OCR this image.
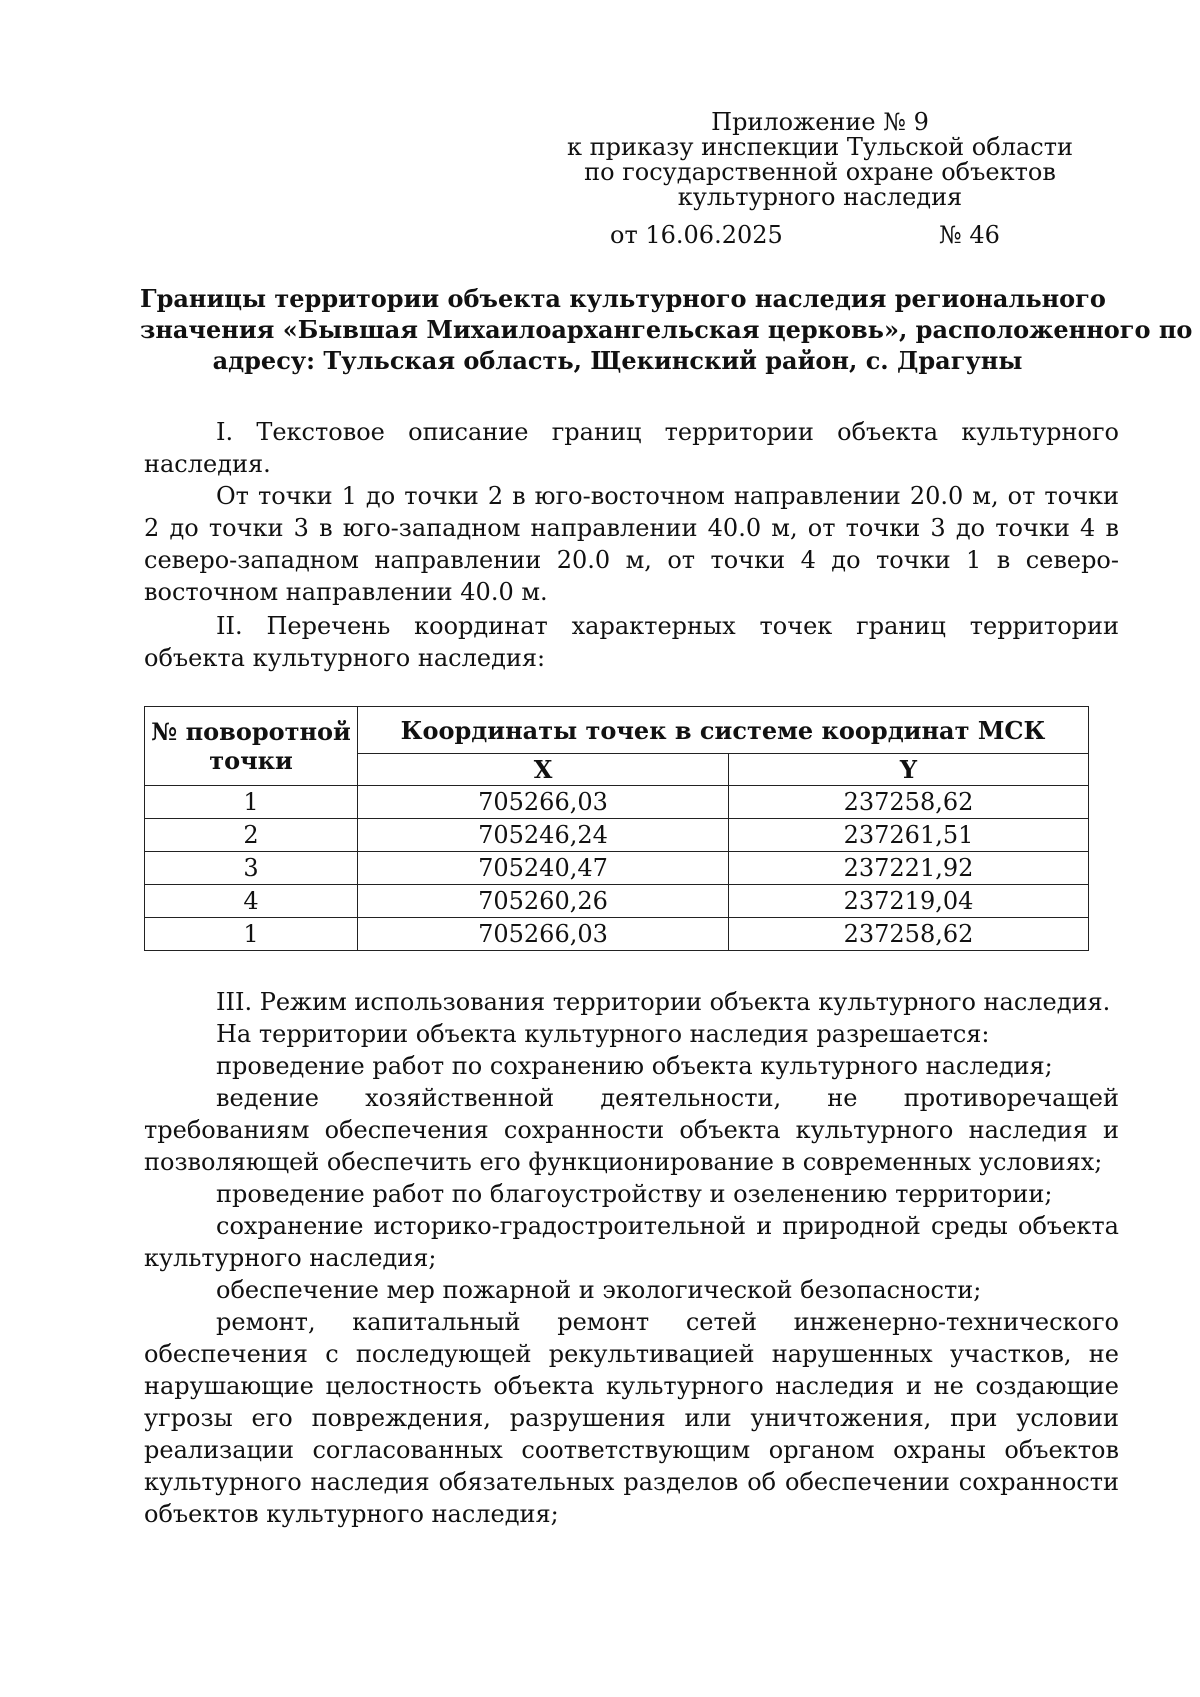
Приложение № 9
к приказу инспекции Тульской области
по государственной охране объектов
культурного наследия
от 16.06.2025	№ 46
Границы территории объекта культурного наследия регионального
значения «Бывшая Михаилоархангельская церковь», расположенного по
адресу: Тульская область, Щекинский район, с. Драгуны

I. Текстовое описание границ территории объекта культурного наследия.

От точки 1 до точки 2 в юго-восточном направлении 20.0 м, от точки 2 до точки 3 в юго-западном направлении 40.0 м, от точки 3 до точки 4 в северо-западном направлении 20.0 м, от точки 4 до точки 1 в северо-восточном направлении 40.0 м.

II. Перечень координат характерных точек границ территории объекта культурного наследия:

№ поворотной точки	Координаты точек в системе координат МСК	
	X	Y
1	705266,03	237258,62
2	705246,24	237261,51
3	705240,47	237221,92
4	705260,26	237219,04
1	705266,03	237258,62

III. Режим использования территории объекта культурного наследия.

На территории объекта культурного наследия разрешается:

проведение работ по сохранению объекта культурного наследия;

ведение хозяйственной деятельности, не противоречащей требованиям обеспечения сохранности объекта культурного наследия и позволяющей обеспечить его функционирование в современных условиях;

проведение работ по благоустройству и озеленению территории;

сохранение историко-градостроительной и природной среды объекта культурного наследия;

обеспечение мер пожарной и экологической безопасности;

ремонт, капитальный ремонт сетей инженерно-технического обеспечения с последующей рекультивацией нарушенных участков, не нарушающие целостность объекта культурного наследия и не создающие угрозы его повреждения, разрушения или уничтожения, при условии реализации согласованных соответствующим органом охраны объектов культурного наследия обязательных разделов об обеспечении сохранности объектов культурного наследия;
